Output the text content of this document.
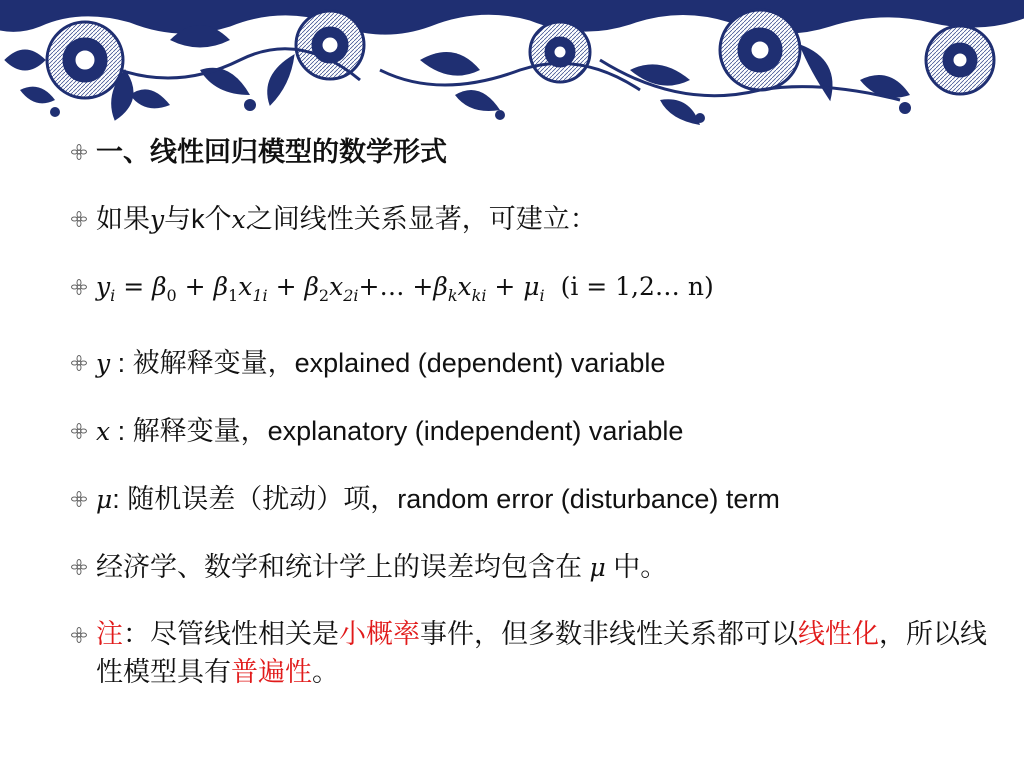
一、线性回归模型的数学形式
如果y与k个x之间线性关系显著，可建立：
$y_i = \beta_0 + \beta_1x_{1i}$ + $\beta_2x_{2i}+\dots +\beta_kx_{ki} + \mu_i$ (i = 1,2… n)
y : 被解释变量，explained (dependent) variable
x : 解释变量，explanatory (independent) variable
μ: 随机误差（扰动）项，random error (disturbance) term
经济学、数学和统计学上的误差均包含在 μ 中。
注：尽管线性相关是小概率事件，但多数非线性关系都可以线性化，所以线性模型具有普遍性。
